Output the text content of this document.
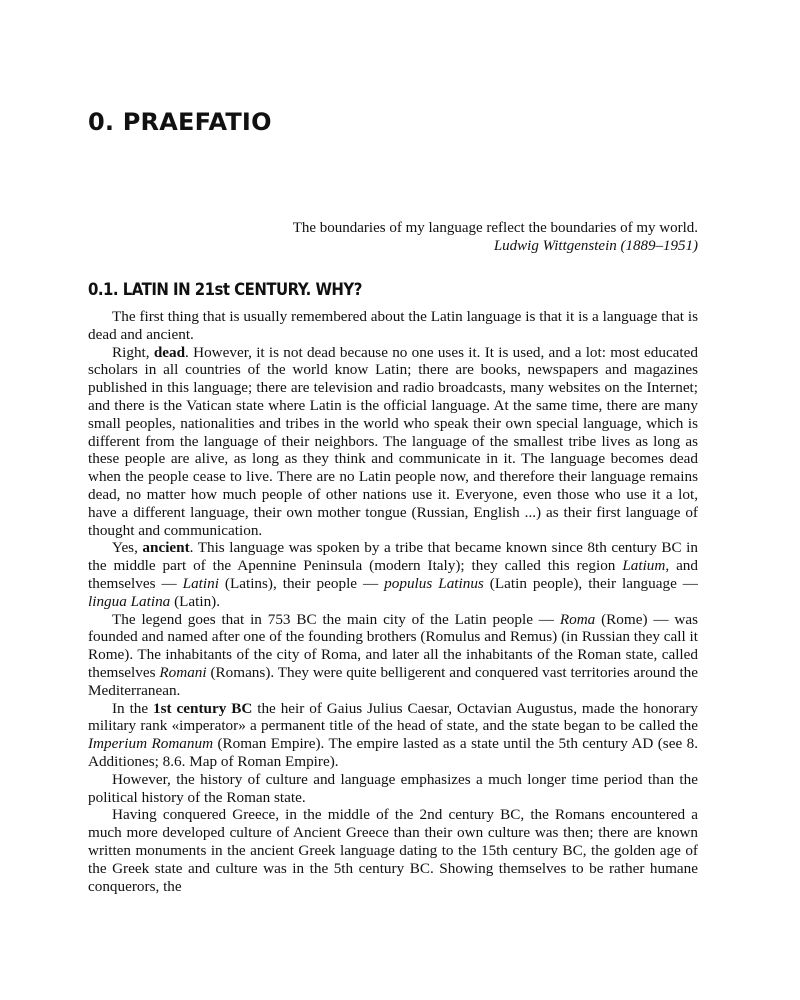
0. PRAEFATIO
The boundaries of my language reflect the boundaries of my world.
Ludwig Wittgenstein (1889–1951)
0.1. LATIN IN 21st CENTURY. WHY?

The first thing that is usually remembered about the Latin language is that it is a language that is dead and ancient.

Right, dead. However, it is not dead because no one uses it. It is used, and a lot: most educated scholars in all countries of the world know Latin; there are books, newspapers and magazines published in this language; there are television and radio broadcasts, many websites on the Internet; and there is the Vatican state where Latin is the official language. At the same time, there are many small peoples, nationalities and tribes in the world who speak their own special language, which is different from the language of their neighbors. The language of the smallest tribe lives as long as these people are alive, as long as they think and communicate in it. The language becomes dead when the people cease to live. There are no Latin people now, and therefore their language remains dead, no matter how much people of other nations use it. Everyone, even those who use it a lot, have a different language, their own mother tongue (Russian, English ...) as their first language of thought and communication.

Yes, ancient. This language was spoken by a tribe that became known since 8th century BC in the middle part of the Apennine Peninsula (modern Italy); they called this region Latium, and themselves — Latini (Latins), their people — populus Latinus (Latin people), their language — lingua Latina (Latin).

The legend goes that in 753 BC the main city of the Latin people — Roma (Rome) — was founded and named after one of the founding brothers (Romulus and Remus) (in Russian they call it Rome). The inhabitants of the city of Roma, and later all the inhabitants of the Roman state, called themselves Romani (Romans). They were quite belligerent and conquered vast territories around the Mediterranean.

In the 1st century BC the heir of Gaius Julius Caesar, Octavian Augustus, made the honorary military rank «imperator» a permanent title of the head of state, and the state began to be called the Imperium Romanum (Roman Empire). The empire lasted as a state until the 5th century AD (see 8. Additiones; 8.6. Map of Roman Empire).

However, the history of culture and language emphasizes a much longer time period than the political history of the Roman state.

Having conquered Greece, in the middle of the 2nd century BC, the Romans encountered a much more developed culture of Ancient Greece than their own culture was then; there are known written monuments in the ancient Greek language dating to the 15th century BC, the golden age of the Greek state and culture was in the 5th century BC. Showing themselves to be rather humane conquerors, the
